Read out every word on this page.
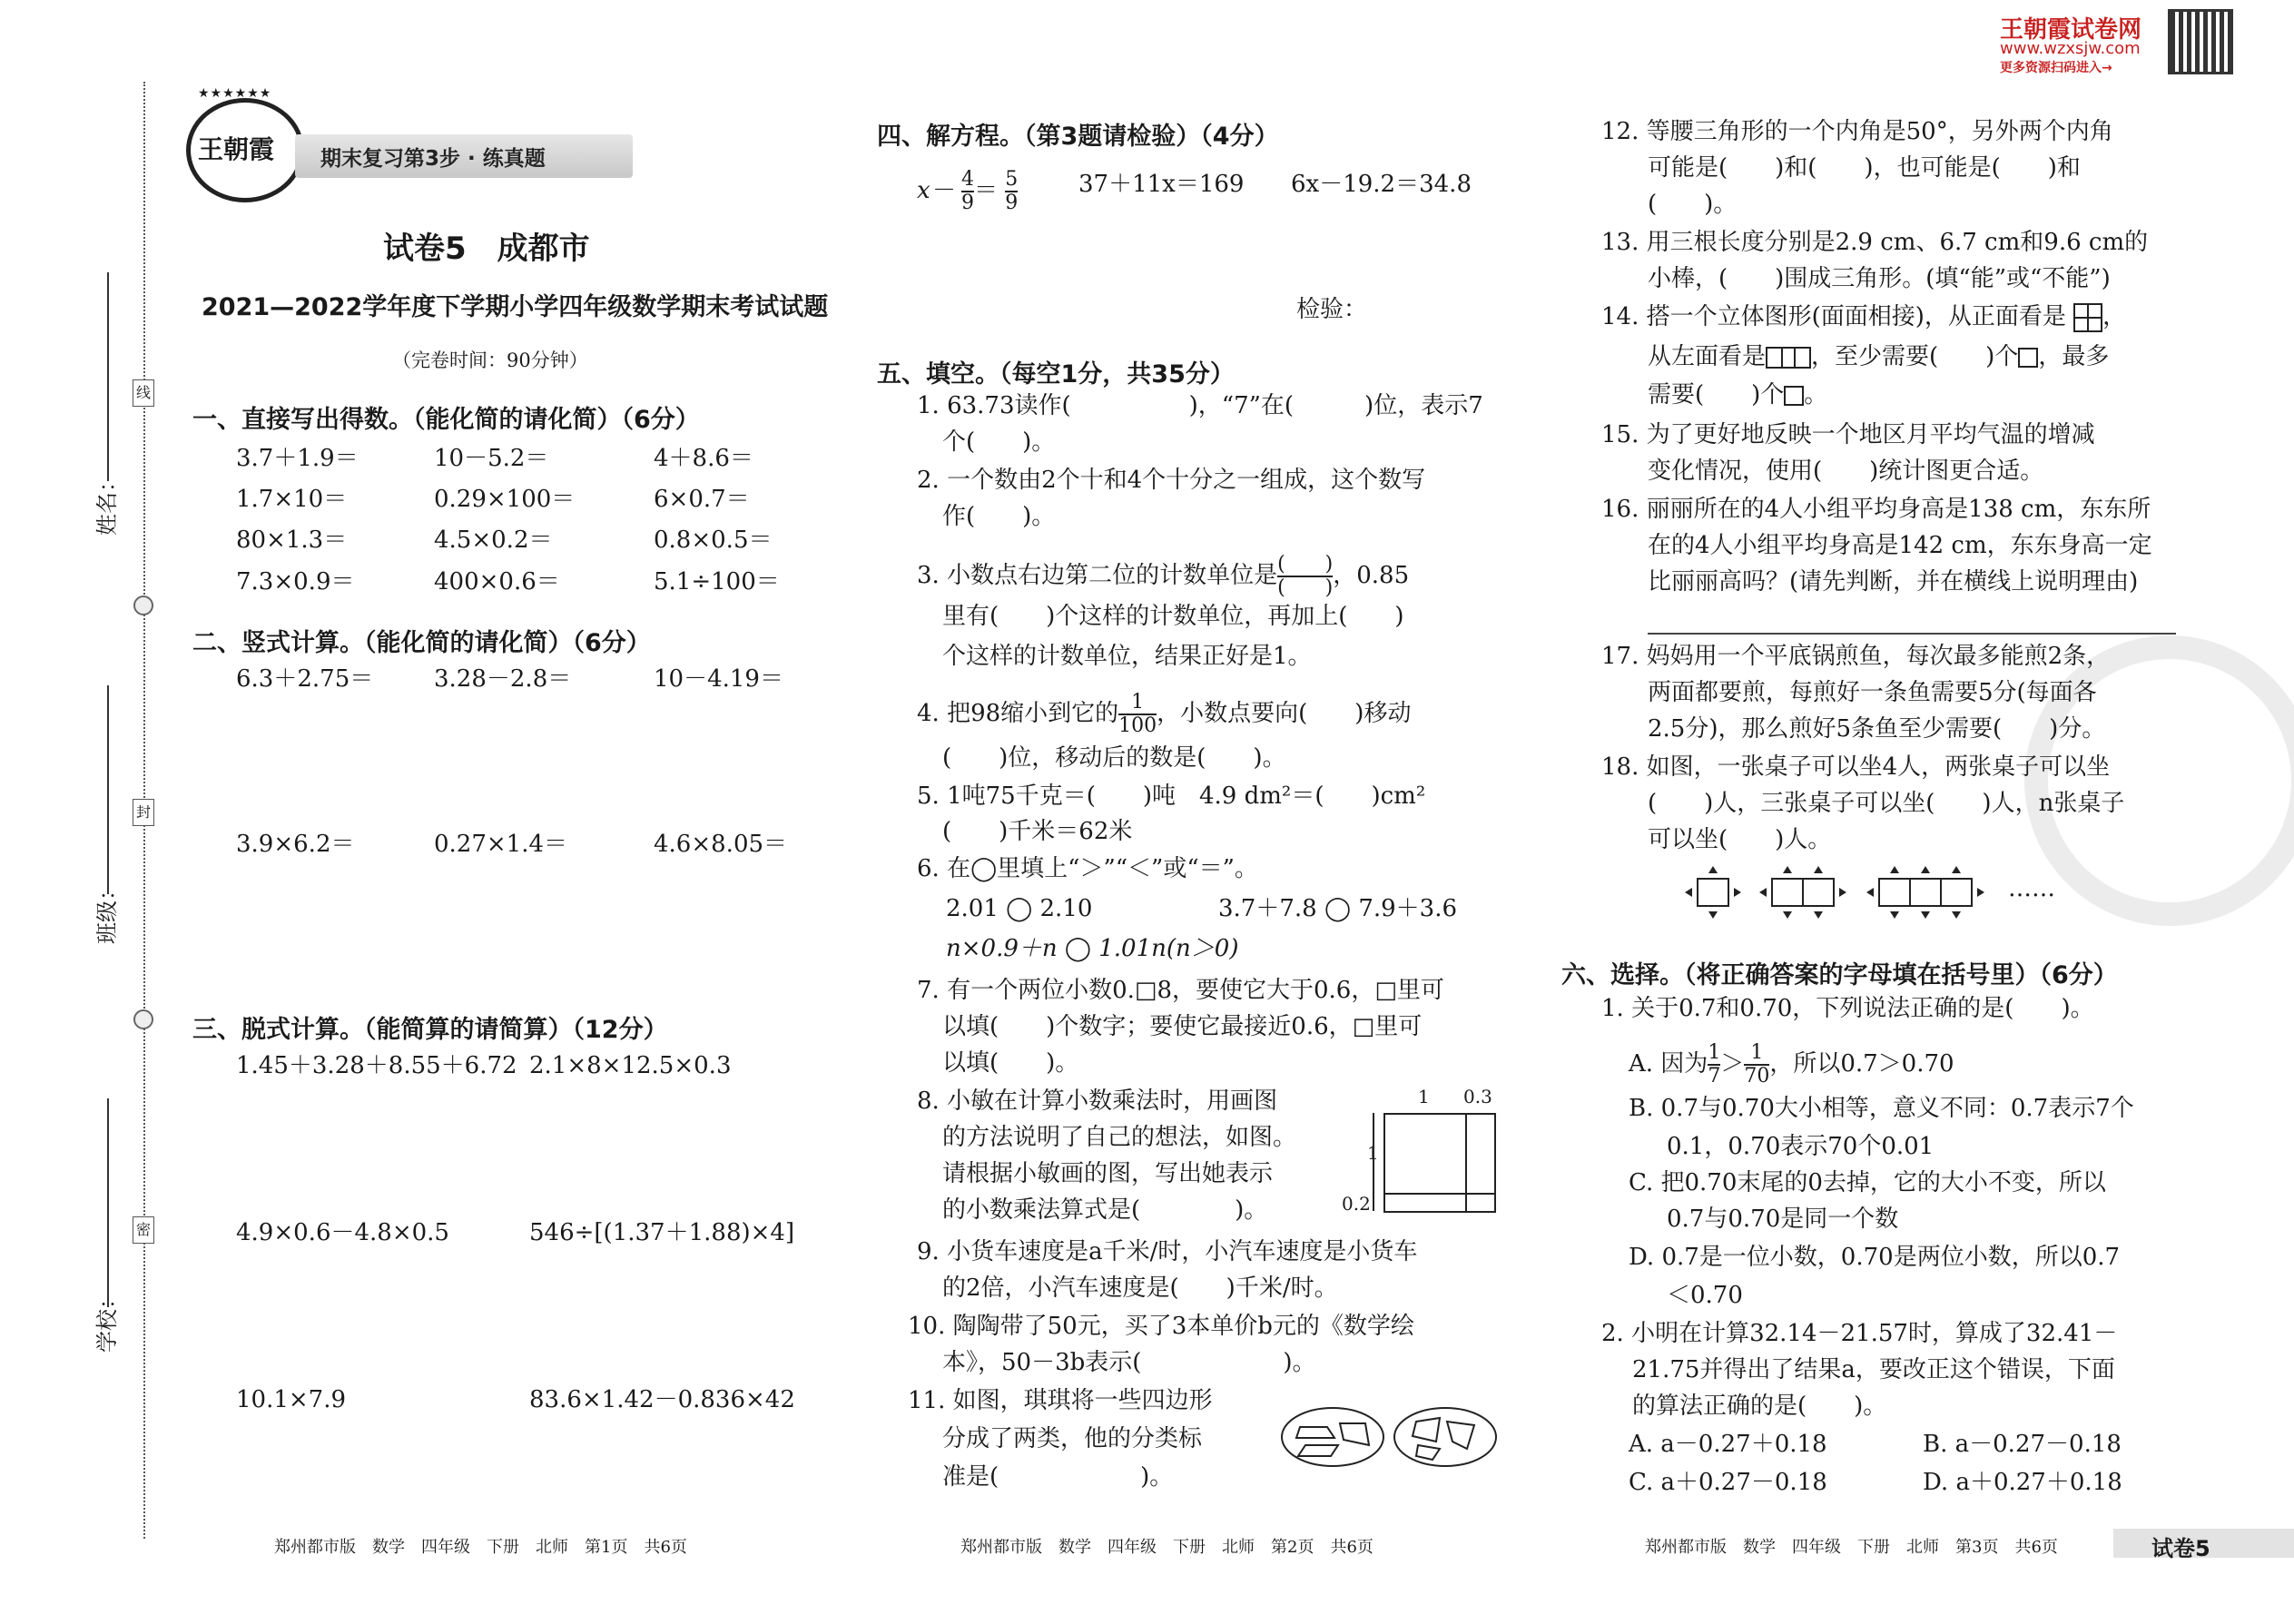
线
封
密
姓名：
班级：
学校：
★★★★★★
王朝霞 期末复习第3步 · 练真题
王朝霞试卷网
www.wzxsjw.com
更多资源扫码进入→
试卷5　成都市
2021—2022学年度下学期小学四年级数学期末考试试题
（完卷时间：90分钟）
一、直接写出得数。（能化简的请化简）（6分）
3.7＋1.9＝	10－5.2＝	4＋8.6＝
1.7×10＝	0.29×100＝	6×0.7＝
80×1.3＝	4.5×0.2＝	0.8×0.5＝
7.3×0.9＝	400×0.6＝	5.1÷100＝
二、竖式计算。（能化简的请化简）（6分）
6.3＋2.75＝	3.28－2.8＝	10－4.19＝
3.9×6.2＝	0.27×1.4＝	4.6×8.05＝
三、脱式计算。（能简算的请简算）（12分）
1.45＋3.28＋8.55＋6.72 2.1×8×12.5×0.3
4.9×0.6－4.8×0.5	546÷[(1.37＋1.88)×4]
10.1×7.9	83.6×1.42－0.836×42
郑州都市版　数学　四年级　下册　北师　第1页　共6页
四、解方程。（第3题请检验）（4分）
$x- \frac{4}{9} = \frac{5}{9}$	37＋11x＝169 6x－19.2＝34.8
检验：
五、填空。（每空1分，共35分）
1. 63.73读作(　　　　　)，“7”在(　　　)位，表示7
个(　　)。
2. 一个数由2个十和4个十分之一组成，这个数写
作(　　)。
3. 小数点右边第二位的计数单位是 (　　)
(　　) ，0.85
里有(　　)个这样的计数单位，再加上(　　)
个这样的计数单位，结果正好是1。
4. 把98缩小到它的 $\frac{1}{100}$ ，小数点要向(　　)移动
(　　)位，移动后的数是(　　)。
5. 1吨75千克＝(　　)吨　4.9 dm²＝(　　)cm²
(　　)千米＝62米
6. 在◯里填上“＞”“＜”或“＝”。
2.01 ◯ 2.10	3.7＋7.8 ◯ 7.9＋3.6
n×0.9＋n ◯ 1.01n(n＞0)
7. 有一个两位小数0.□8，要使它大于0.6，□里可
以填(　　)个数字；要使它最接近0.6，□里可
以填(　　)。
8. 小敏在计算小数乘法时，用画图
的方法说明了自己的想法，如图。
请根据小敏画的图，写出她表示
的小数乘法算式是(　　　　)。
1 0.3
1
0.2
9. 小货车速度是a千米/时，小汽车速度是小货车
的2倍，小汽车速度是(　　)千米/时。
10. 陶陶带了50元，买了3本单价b元的《数学绘
本》，50－3b表示(　　　　　　)。
11. 如图，琪琪将一些四边形
分成了两类，他的分类标
准是(　　　　　　)。
郑州都市版　数学　四年级　下册　北师　第2页　共6页
12. 等腰三角形的一个内角是50°，另外两个内角
可能是(　　)和(　　)，也可能是(　　)和
(　　)。
13. 用三根长度分别是2.9 cm、6.7 cm和9.6 cm的
小棒，(　　)围成三角形。(填“能”或“不能”)
14. 搭一个立体图形(面面相接)，从正面看是 ，
从左面看是 ，至少需要(　　)个 ，最多
需要(　　)个 。
15. 为了更好地反映一个地区月平均气温的增减
变化情况，使用(　　)统计图更合适。
16. 丽丽所在的4人小组平均身高是138 cm，东东所
在的4人小组平均身高是142 cm，东东身高一定
比丽丽高吗？(请先判断，并在横线上说明理由)
17. 妈妈用一个平底锅煎鱼，每次最多能煎2条，
两面都要煎，每煎好一条鱼需要5分(每面各
2.5分)，那么煎好5条鱼至少需要(　　)分。
18. 如图，一张桌子可以坐4人，两张桌子可以坐
(　　)人，三张桌子可以坐(　　)人，n张桌子
可以坐(　　)人。
……
六、选择。（将正确答案的字母填在括号里）（6分）
1. 关于0.7和0.70，下列说法正确的是(　　)。
A. 因为 $\frac{1}{7} > \frac{1}{70}$ ，所以0.7＞0.70
B. 0.7与0.70大小相等，意义不同：0.7表示7个
0.1，0.70表示70个0.01
C. 把0.70末尾的0去掉，它的大小不变，所以
0.7与0.70是同一个数
D. 0.7是一位小数，0.70是两位小数，所以0.7
＜0.70
2. 小明在计算32.14－21.57时，算成了32.41－
21.75并得出了结果a，要改正这个错误，下面
的算法正确的是(　　)。
A. a－0.27＋0.18	B. a－0.27－0.18
C. a＋0.27－0.18	D. a＋0.27＋0.18
郑州都市版　数学　四年级　下册　北师　第3页　共6页	试卷5
